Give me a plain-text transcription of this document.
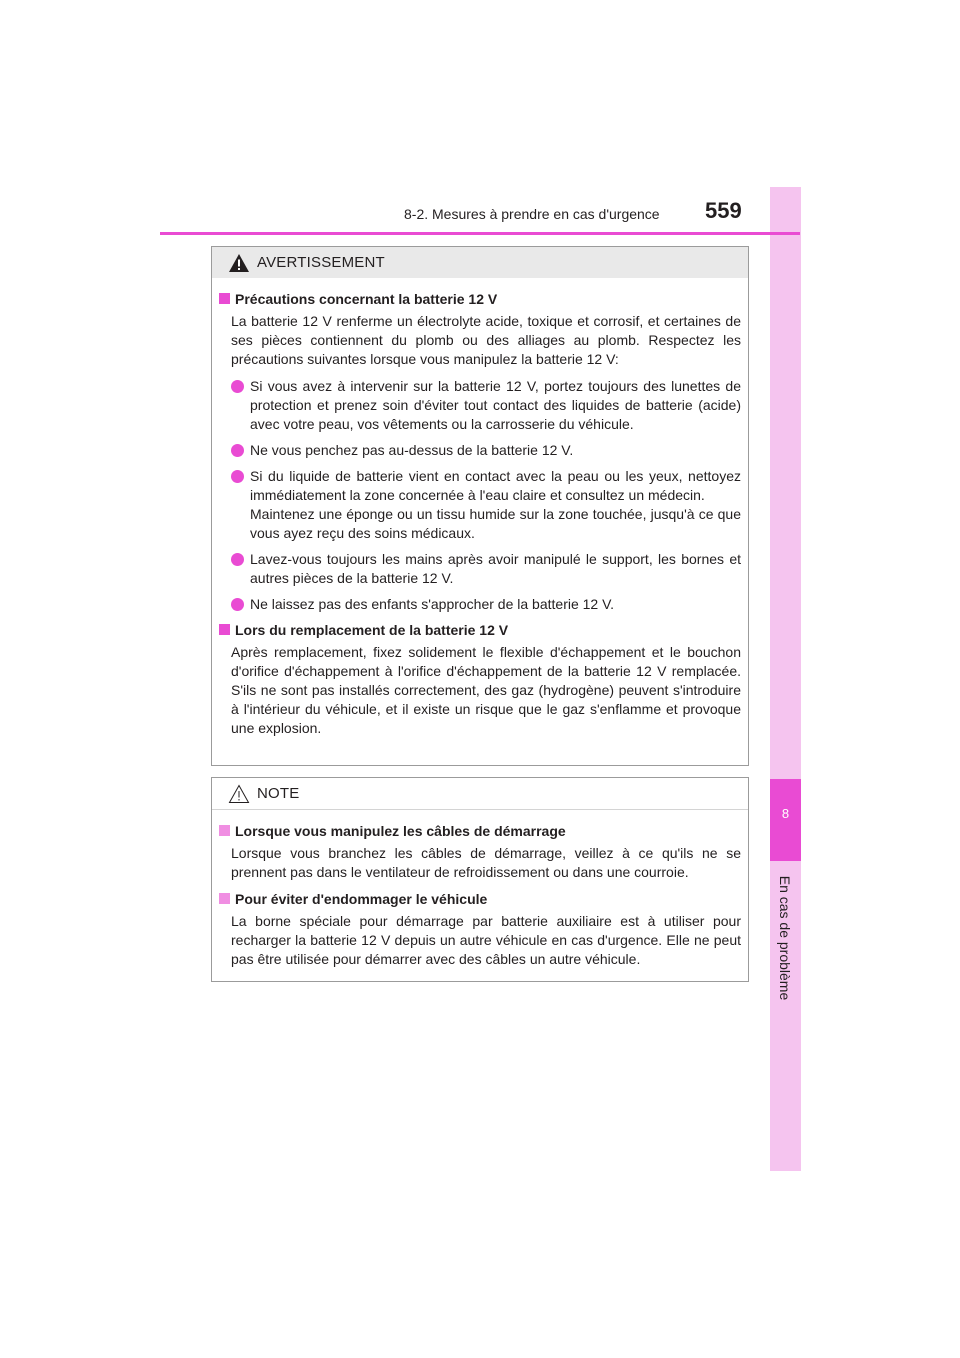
8
En cas de problème
8-2. Mesures à prendre en cas d'urgence 559
AVERTISSEMENT
Précautions concernant la batterie 12 V
La batterie 12 V renferme un électrolyte acide, toxique et corrosif, et certaines de ses pièces contiennent du plomb ou des alliages au plomb. Respectez les précautions suivantes lorsque vous manipulez la batterie 12 V:
Si vous avez à intervenir sur la batterie 12 V, portez toujours des lunettes de protection et prenez soin d'éviter tout contact des liquides de batterie (acide) avec votre peau, vos vêtements ou la carrosserie du véhicule.
Ne vous penchez pas au-dessus de la batterie 12 V.
Si du liquide de batterie vient en contact avec la peau ou les yeux, nettoyez immédiatement la zone concernée à l'eau claire et consultez un médecin.
Maintenez une éponge ou un tissu humide sur la zone touchée, jusqu'à ce que vous ayez reçu des soins médicaux.
Lavez-vous toujours les mains après avoir manipulé le support, les bornes et autres pièces de la batterie 12 V.
Ne laissez pas des enfants s'approcher de la batterie 12 V.
Lors du remplacement de la batterie 12 V
Après remplacement, fixez solidement le flexible d'échappement et le bouchon d'orifice d'échappement à l'orifice d'échappement de la batterie 12 V remplacée. S'ils ne sont pas installés correctement, des gaz (hydrogène) peuvent s'introduire à l'intérieur du véhicule, et il existe un risque que le gaz s'enflamme et provoque une explosion.
NOTE
Lorsque vous manipulez les câbles de démarrage
Lorsque vous branchez les câbles de démarrage, veillez à ce qu'ils ne se prennent pas dans le ventilateur de refroidissement ou dans une courroie.
Pour éviter d'endommager le véhicule
La borne spéciale pour démarrage par batterie auxiliaire est à utiliser pour recharger la batterie 12 V depuis un autre véhicule en cas d'urgence. Elle ne peut pas être utilisée pour démarrer avec des câbles un autre véhicule.
